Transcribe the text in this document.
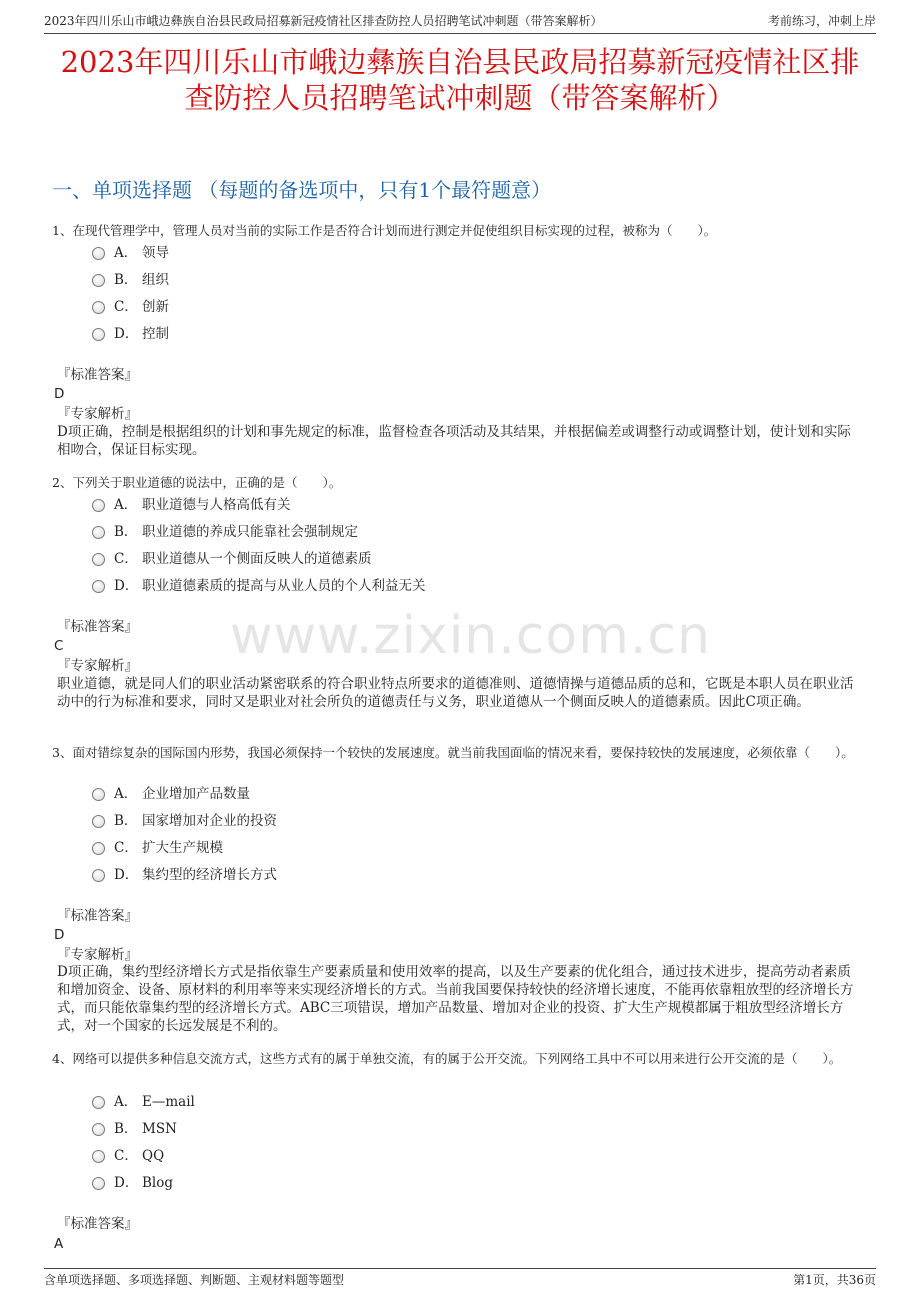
2023年四川乐山市峨边彝族自治县民政局招募新冠疫情社区排查防控人员招聘笔试冲刺题（带答案解析）	考前练习，冲刺上岸
2023年四川乐山市峨边彝族自治县民政局招募新冠疫情社区排
查防控人员招聘笔试冲刺题（带答案解析）
一、单项选择题 （每题的备选项中，只有1个最符题意）
1、在现代管理学中，管理人员对当前的实际工作是否符合计划而进行测定并促使组织目标实现的过程，被称为（　　）。
A． 领导
B． 组织
C． 创新
D． 控制
『标准答案』
D
『专家解析』
D项正确，控制是根据组织的计划和事先规定的标准，监督检查各项活动及其结果，并根据偏差或调整行动或调整计划，使计划和实际相吻合，保证目标实现。
2、下列关于职业道德的说法中，正确的是（　　）。
A． 职业道德与人格高低有关
B． 职业道德的养成只能靠社会强制规定
C． 职业道德从一个侧面反映人的道德素质
D． 职业道德素质的提高与从业人员的个人利益无关
『标准答案』
C
『专家解析』
职业道德，就是同人们的职业活动紧密联系的符合职业特点所要求的道德准则、道德情操与道德品质的总和，它既是本职人员在职业活动中的行为标准和要求，同时又是职业对社会所负的道德责任与义务，职业道德从一个侧面反映人的道德素质。因此C项正确。
3、面对错综复杂的国际国内形势，我国必须保持一个较快的发展速度。就当前我国面临的情况来看，要保持较快的发展速度，必须依靠（　　）。
A． 企业增加产品数量
B． 国家增加对企业的投资
C． 扩大生产规模
D． 集约型的经济增长方式
『标准答案』
D
『专家解析』
D项正确，集约型经济增长方式是指依靠生产要素质量和使用效率的提高，以及生产要素的优化组合，通过技术进步，提高劳动者素质和增加资金、设备、原材料的利用率等来实现经济增长的方式。当前我国要保持较快的经济增长速度，不能再依靠粗放型的经济增长方式，而只能依靠集约型的经济增长方式。ABC三项错误，增加产品数量、增加对企业的投资、扩大生产规模都属于粗放型经济增长方式，对一个国家的长远发展是不利的。
4、网络可以提供多种信息交流方式，这些方式有的属于单独交流，有的属于公开交流。下列网络工具中不可以用来进行公开交流的是（　　）。
A． E—mail
B． MSN
C． QQ
D． Blog
『标准答案』
A
www.zixin.com.cn
含单项选择题、多项选择题、判断题、主观材料题等题型	第1页，共36页
